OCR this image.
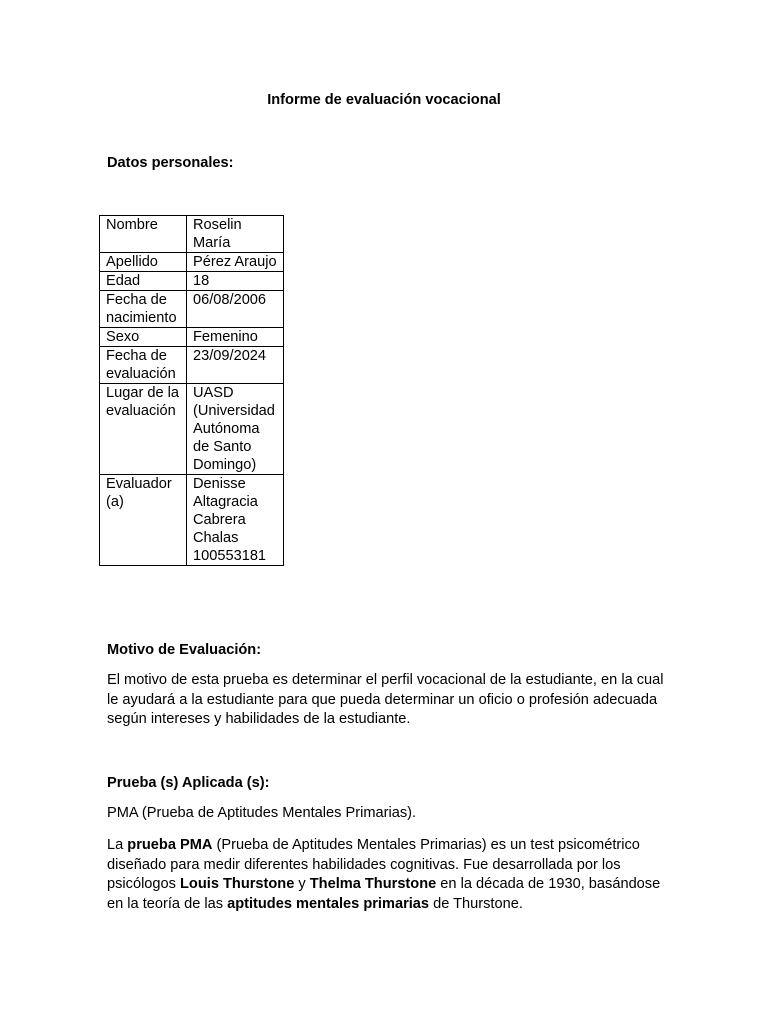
Informe de evaluación vocacional

Datos personales:

Nombre	Roselin María
Apellido	Pérez Araujo
Edad	18
Fecha de nacimiento	06/08/2006
Sexo	Femenino
Fecha de evaluación	23/09/2024
Lugar de la evaluación	UASD (Universidad Autónoma de Santo Domingo)
Evaluador (a)	Denisse Altagracia Cabrera Chalas 100553181

Motivo de Evaluación:

El motivo de esta prueba es determinar el perfil vocacional de la estudiante, en la cual le ayudará a la estudiante para que pueda determinar un oficio o profesión adecuada según intereses y habilidades de la estudiante.

Prueba (s) Aplicada (s):

PMA (Prueba de Aptitudes Mentales Primarias).

La prueba PMA (Prueba de Aptitudes Mentales Primarias) es un test psicométrico diseñado para medir diferentes habilidades cognitivas. Fue desarrollada por los psicólogos Louis Thurstone y Thelma Thurstone en la década de 1930, basándose en la teoría de las aptitudes mentales primarias de Thurstone.
